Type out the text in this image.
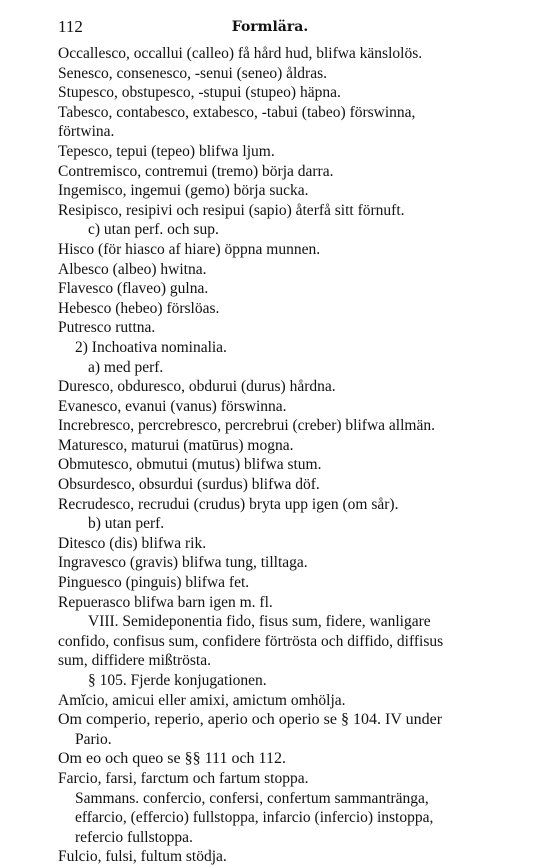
112	Formlära.
Occallesco, occallui (calleo) få hård hud, blifwa känslolös.
Senesco, consenesco, -senui (seneo) åldras.
Stupesco, obstupesco, -stupui (stupeo) häpna.
Tabesco, contabesco, extabesco, -tabui (tabeo) förswinna,
förtwina.
Tepesco, tepui (tepeo) blifwa ljum.
Contremisco, contremui (tremo) börja darra.
Ingemisco, ingemui (gemo) börja sucka.
Resipisco, resipivi och resipui (sapio) återfå sitt förnuft.
c) utan perf. och sup.
Hisco (för hiasco af hiare) öppna munnen.
Albesco (albeo) hwitna.
Flavesco (flaveo) gulna.
Hebesco (hebeo) förslöas.
Putresco ruttna.
2) Inchoativa nominalia.
a) med perf.
Duresco, obduresco, obdurui (durus) hårdna.
Evanesco, evanui (vanus) förswinna.
Increbresco, percrebresco, percrebrui (creber) blifwa allmän.
Maturesco, maturui (matūrus) mogna.
Obmutesco, obmutui (mutus) blifwa stum.
Obsurdesco, obsurdui (surdus) blifwa döf.
Recrudesco, recrudui (crudus) bryta upp igen (om sår).
b) utan perf.
Ditesco (dis) blifwa rik.
Ingravesco (gravis) blifwa tung, tilltaga.
Pinguesco (pinguis) blifwa fet.
Repuerasco blifwa barn igen m. fl.
VIII. Semideponentia fido, fisus sum, fidere, wanligare
confido, confisus sum, confidere förtrösta och diffido, diffisus
sum, diffidere mißtrösta.
§ 105. Fjerde konjugationen.
Amĭcio, amicui eller amixi, amictum omhölja.
Om comperio, reperio, aperio och operio se § 104. IV under
Pario.
Om eo och queo se §§ 111 och 112.
Farcio, farsi, farctum och fartum stoppa.
Sammans. confercio, confersi, confertum sammantränga,
effarcio, (effercio) fullstoppa, infarcio (infercio) instoppa,
refercio fullstoppa.
Fulcio, fulsi, fultum stödja.
